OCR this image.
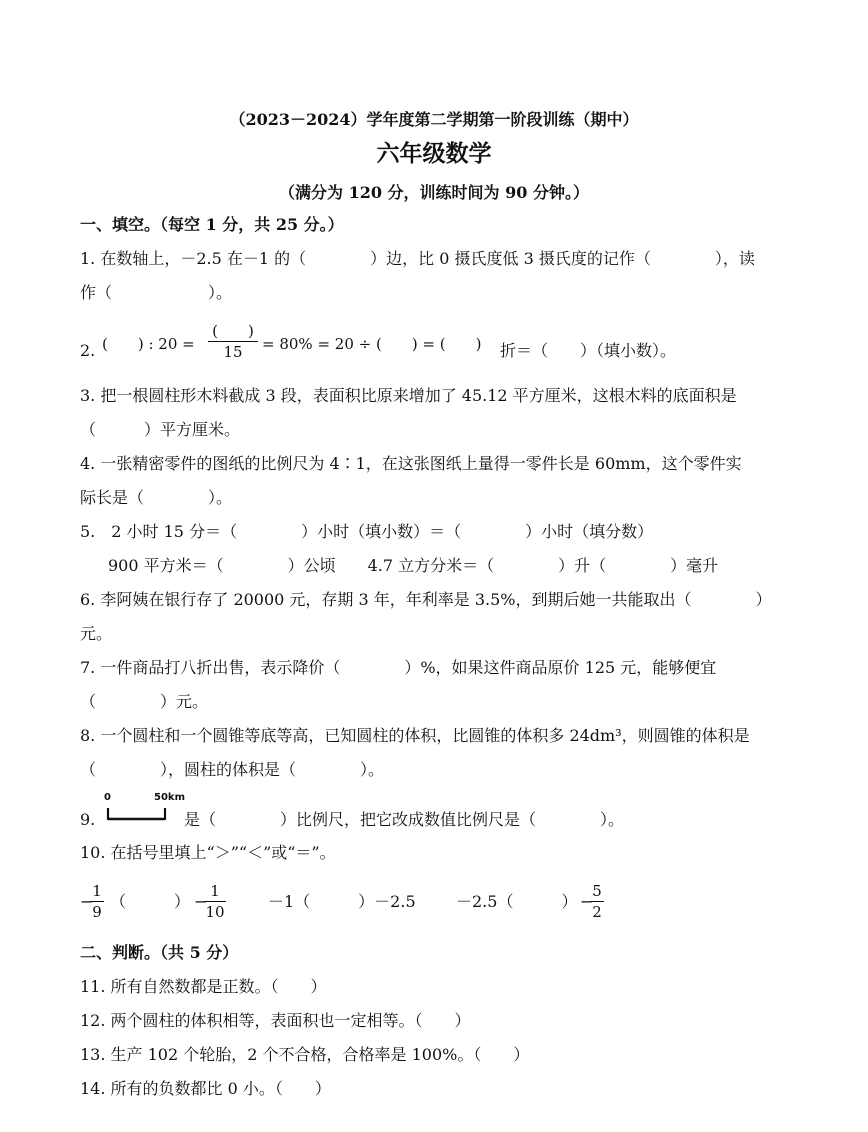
（2023－2024）学年度第二学期第一阶段训练（期中）
六年级数学
（满分为 120 分，训练时间为 90 分钟。）
一、填空。（每空 1 分，共 25 分。）
1. 在数轴上，－2.5 在－1 的（　　　　）边，比 0 摄氏度低 3 摄氏度的记作（　　　　），读
作（　　　　　　）。
2. (　　) : 20 =
(　　)
15	= 80% = 20 ÷ (　　) = (　　) 折＝（　　）（填小数）。
3. 把一根圆柱形木料截成 3 段，表面积比原来增加了 45.12 平方厘米，这根木料的底面积是
（　　　）平方厘米。
4. 一张精密零件的图纸的比例尺为 4∶1，在这张图纸上量得一零件长是 60mm，这个零件实
际长是（　　　　）。
5.　2 小时 15 分＝（　　　　）小时（填小数）＝（　　　　）小时（填分数）
900 平方米＝（　　　　）公顷　　4.7 立方分米＝（　　　　）升（　　　　）毫升
6. 李阿姨在银行存了 20000 元，存期 3 年，年利率是 3.5%，到期后她一共能取出（　　　　）
元。
7. 一件商品打八折出售，表示降价（　　　　）%，如果这件商品原价 125 元，能够便宜
（　　　　）元。
8. 一个圆柱和一个圆锥等底等高，已知圆柱的体积，比圆锥的体积多 24dm³，则圆锥的体积是
（　　　　），圆柱的体积是（　　　　）。
9.
0	50km
是（　　　　）比例尺，把它改成数值比例尺是（　　　　）。
10. 在括号里填上“＞”“＜”或“＝”。
−
1
9
（　　　） −
1
10
－1（　　　）－2.5	－2.5（　　　） −
5
2
二、判断。（共 5 分）
11. 所有自然数都是正数。（　　）
12. 两个圆柱的体积相等，表面积也一定相等。（　　）
13. 生产 102 个轮胎，2 个不合格，合格率是 100%。（　　）
14. 所有的负数都比 0 小。（　　）
